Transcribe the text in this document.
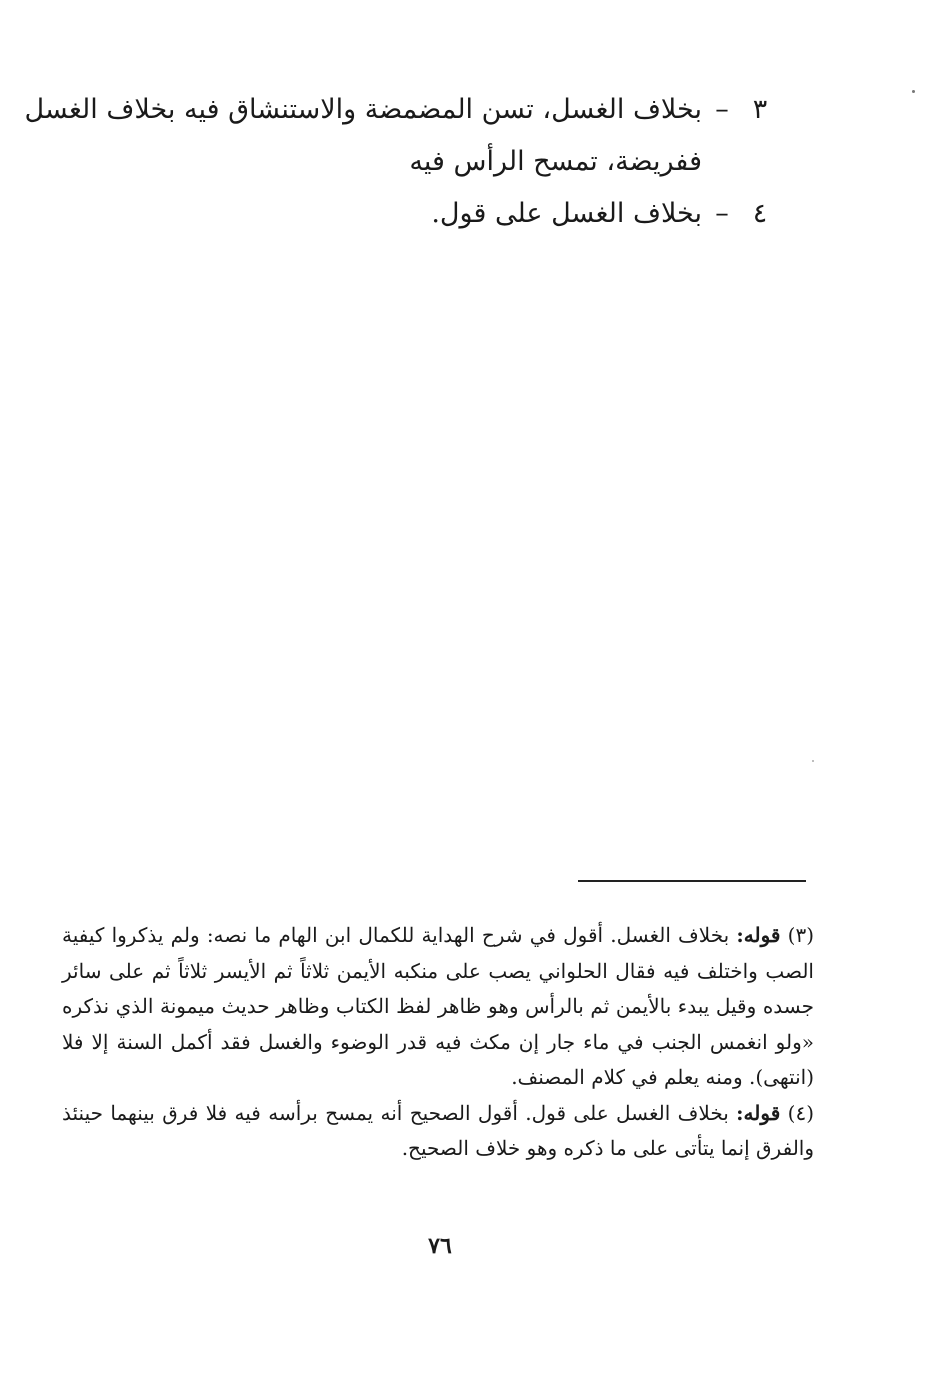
٣–بخلاف الغسل، تسن المضمضة والاستنشاق فيه بخلاف الغسل
ففريضة، تمسح الرأس فيه
٤–بخلاف الغسل على قول.

(٣) قوله: بخلاف الغسل. أقول في شرح الهداية للكمال ابن الهام ما نصه: ولم يذكروا كيفية الصب واختلف فيه فقال الحلواني يصب على منكبه الأيمن ثلاثاً ثم الأيسر ثلاثاً ثم على سائر جسده وقيل يبدء بالأيمن ثم بالرأس وهو ظاهر لفظ الكتاب وظاهر حديث ميمونة الذي نذكره «ولو انغمس الجنب في ماء جار إن مكث فيه قدر الوضوء والغسل فقد أكمل السنة إلا فلا (انتهى). ومنه يعلم في كلام المصنف.

(٤) قوله: بخلاف الغسل على قول. أقول الصحيح أنه يمسح برأسه فيه فلا فرق بينهما حينئذ والفرق إنما يتأتى على ما ذكره وهو خلاف الصحيح.

٧٦
